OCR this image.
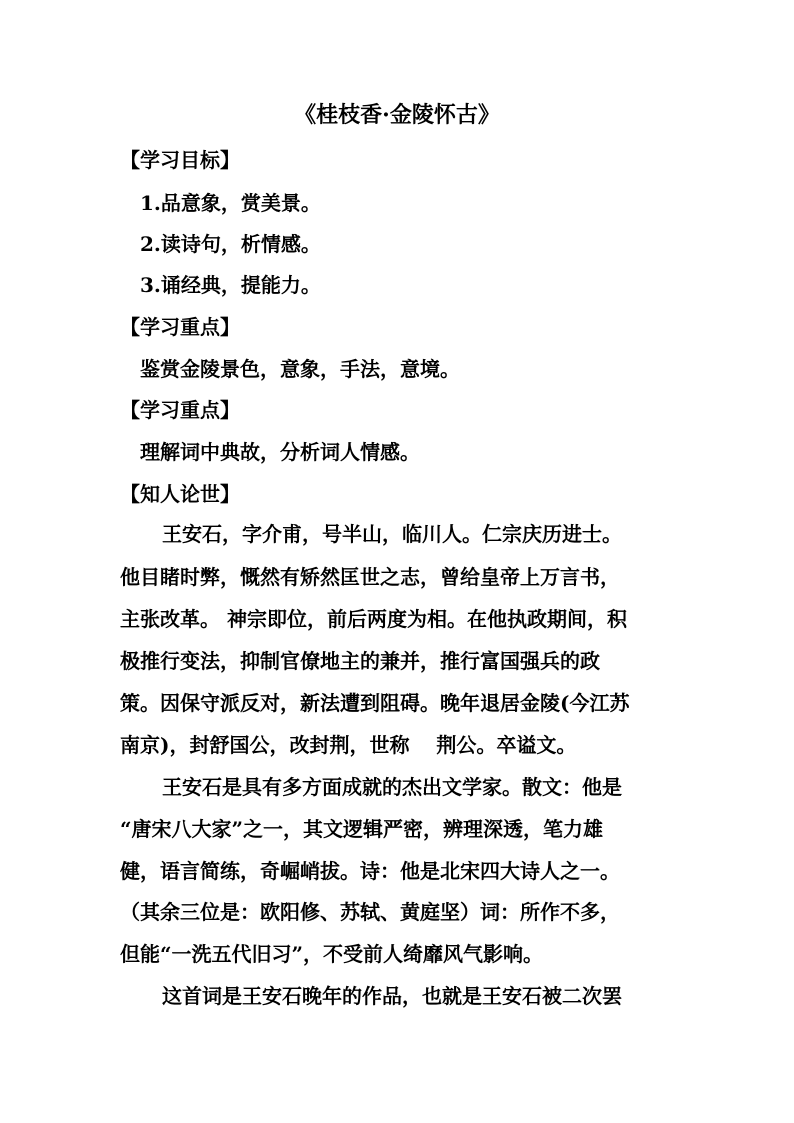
《桂枝香·金陵怀古》
【学习目标】
1.品意象，赏美景。
2.读诗句，析情感。
3.诵经典，提能力。
【学习重点】
鉴赏金陵景色，意象，手法，意境。
【学习重点】
理解词中典故，分析词人情感。
【知人论世】
王安石，字介甫，号半山，临川人。仁宗庆历进士。
他目睹时弊，慨然有矫然匡世之志，曾给皇帝上万言书，
主张改革。 神宗即位，前后两度为相。在他执政期间，积
极推行变法，抑制官僚地主的兼并，推行富国强兵的政
策。因保守派反对，新法遭到阻碍。晚年退居金陵(今江苏
南京)，封舒国公，改封荆，世称　 荆公。卒谥文。
王安石是具有多方面成就的杰出文学家。散文：他是
“唐宋八大家”之一，其文逻辑严密，辨理深透，笔力雄
健，语言简练，奇崛峭拔。诗：他是北宋四大诗人之一。
（其余三位是：欧阳修、苏轼、黄庭坚）词：所作不多，
但能“一洗五代旧习”，不受前人绮靡风气影响。
这首词是王安石晚年的作品，也就是王安石被二次罢
